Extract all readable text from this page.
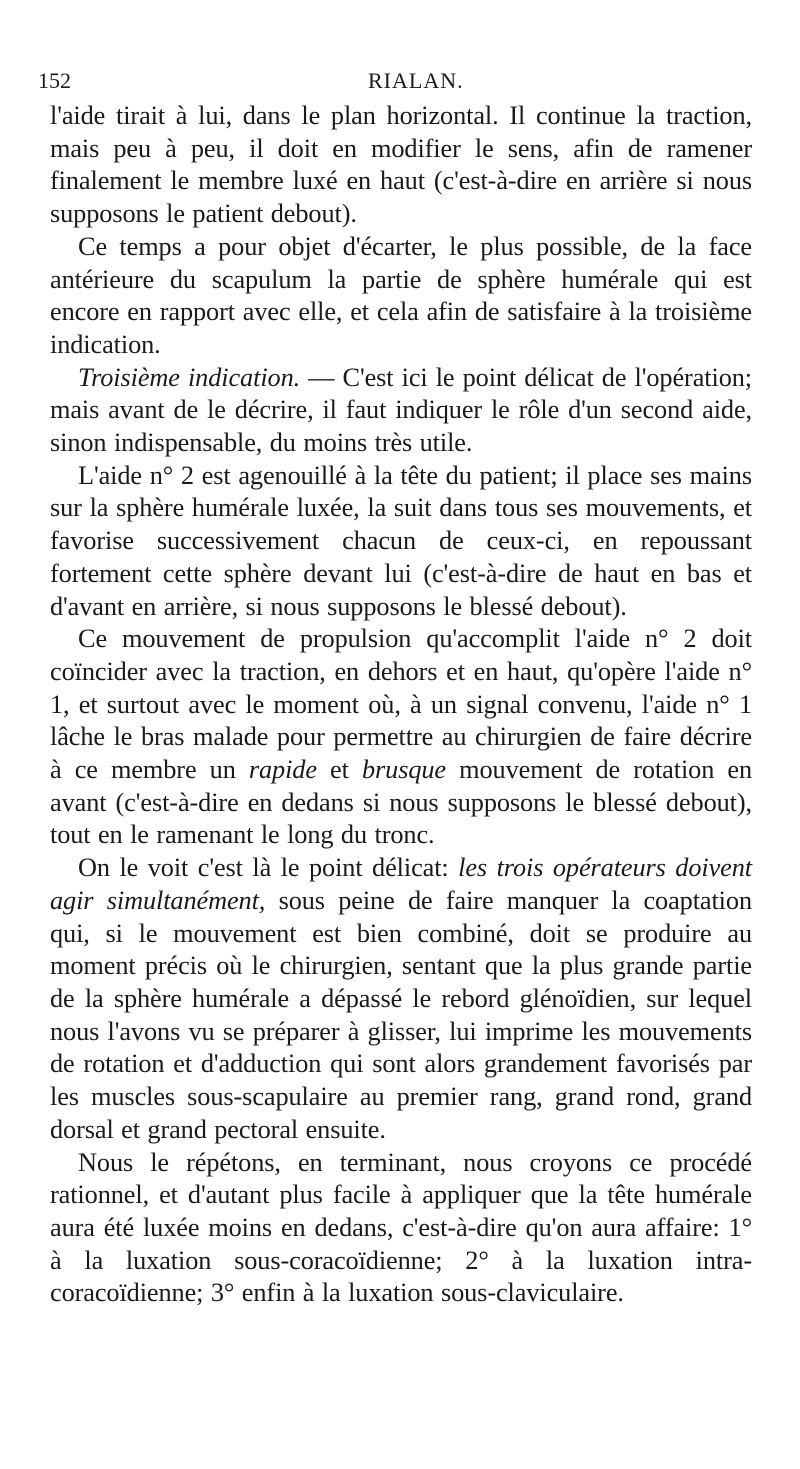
152	RIALAN.

l'aide tirait à lui, dans le plan horizontal. Il continue la traction, mais peu à peu, il doit en modifier le sens, afin de ramener finalement le membre luxé en haut (c'est-à-dire en arrière si nous supposons le patient debout).

Ce temps a pour objet d'écarter, le plus possible, de la face antérieure du scapulum la partie de sphère humérale qui est encore en rapport avec elle, et cela afin de satisfaire à la troisième indication.

Troisième indication. — C'est ici le point délicat de l'opération; mais avant de le décrire, il faut indiquer le rôle d'un second aide, sinon indispensable, du moins très utile.

L'aide n° 2 est agenouillé à la tête du patient; il place ses mains sur la sphère humérale luxée, la suit dans tous ses mouvements, et favorise successivement chacun de ceux-ci, en repoussant fortement cette sphère devant lui (c'est-à-dire de haut en bas et d'avant en arrière, si nous supposons le blessé debout).

Ce mouvement de propulsion qu'accomplit l'aide n° 2 doit coïncider avec la traction, en dehors et en haut, qu'opère l'aide n° 1, et surtout avec le moment où, à un signal convenu, l'aide n° 1 lâche le bras malade pour permettre au chirurgien de faire décrire à ce membre un rapide et brusque mouvement de rotation en avant (c'est-à-dire en dedans si nous supposons le blessé debout), tout en le ramenant le long du tronc.

On le voit c'est là le point délicat: les trois opérateurs doivent agir simultanément, sous peine de faire manquer la coaptation qui, si le mouvement est bien combiné, doit se produire au moment précis où le chirurgien, sentant que la plus grande partie de la sphère humérale a dépassé le rebord glénoïdien, sur lequel nous l'avons vu se préparer à glisser, lui imprime les mouvements de rotation et d'adduction qui sont alors grandement favorisés par les muscles sous-scapulaire au premier rang, grand rond, grand dorsal et grand pectoral ensuite.

Nous le répétons, en terminant, nous croyons ce procédé rationnel, et d'autant plus facile à appliquer que la tête humérale aura été luxée moins en dedans, c'est-à-dire qu'on aura affaire: 1° à la luxation sous-coracoïdienne; 2° à la luxation intra-coracoïdienne; 3° enfin à la luxation sous-claviculaire.
